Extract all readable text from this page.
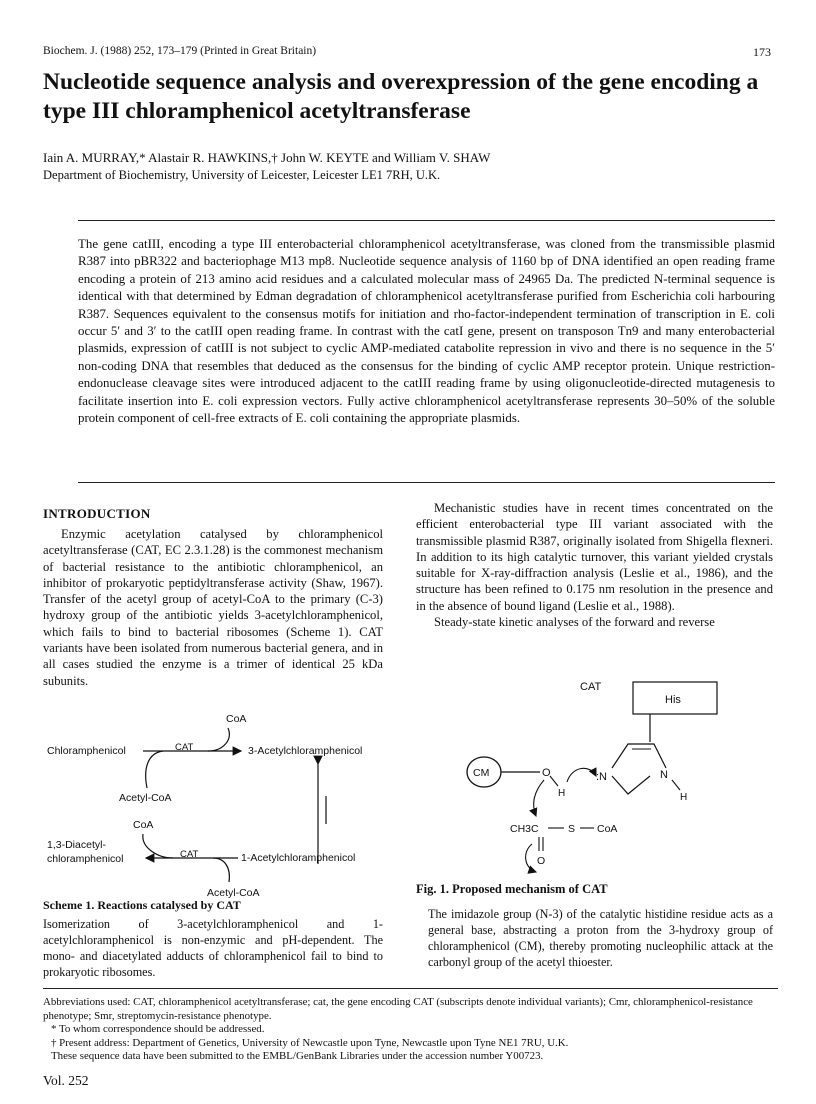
Biochem. J. (1988) 252, 173–179 (Printed in Great Britain)	173
Nucleotide sequence analysis and overexpression of the gene encoding a type III chloramphenicol acetyltransferase
Iain A. MURRAY,* Alastair R. HAWKINS,† John W. KEYTE and William V. SHAW
Department of Biochemistry, University of Leicester, Leicester LE1 7RH, U.K.

The gene catIII, encoding a type III enterobacterial chloramphenicol acetyltransferase, was cloned from the transmissible plasmid R387 into pBR322 and bacteriophage M13 mp8. Nucleotide sequence analysis of 1160 bp of DNA identified an open reading frame encoding a protein of 213 amino acid residues and a calculated molecular mass of 24965 Da. The predicted N-terminal sequence is identical with that determined by Edman degradation of chloramphenicol acetyltransferase purified from Escherichia coli harbouring R387. Sequences equivalent to the consensus motifs for initiation and rho-factor-independent termination of transcription in E. coli occur 5′ and 3′ to the catIII open reading frame. In contrast with the catI gene, present on transposon Tn9 and many enterobacterial plasmids, expression of catIII is not subject to cyclic AMP-mediated catabolite repression in vivo and there is no sequence in the 5′ non-coding DNA that resembles that deduced as the consensus for the binding of cyclic AMP receptor protein. Unique restriction-endonuclease cleavage sites were introduced adjacent to the catIII reading frame by using oligonucleotide-directed mutagenesis to facilitate insertion into E. coli expression vectors. Fully active chloramphenicol acetyltransferase represents 30–50% of the soluble protein component of cell-free extracts of E. coli containing the appropriate plasmids.

INTRODUCTION

Enzymic acetylation catalysed by chloramphenicol acetyltransferase (CAT, EC 2.3.1.28) is the commonest mechanism of bacterial resistance to the antibiotic chloramphenicol, an inhibitor of prokaryotic peptidyltransferase activity (Shaw, 1967). Transfer of the acetyl group of acetyl-CoA to the primary (C-3) hydroxy group of the antibiotic yields 3-acetylchloramphenicol, which fails to bind to bacterial ribosomes (Scheme 1). CAT variants have been isolated from numerous bacterial genera, and in all cases studied the enzyme is a trimer of identical 25 kDa subunits.

Mechanistic studies have in recent times concentrated on the efficient enterobacterial type III variant associated with the transmissible plasmid R387, originally isolated from Shigella flexneri. In addition to its high catalytic turnover, this variant yielded crystals suitable for X-ray-diffraction analysis (Leslie et al., 1986), and the structure has been refined to 0.175 nm resolution in the presence and in the absence of bound ligand (Leslie et al., 1988).

Steady-state kinetic analyses of the forward and reverse

CoA
Chloramphenicol	CAT	3-Acetylchloramphenicol
Acetyl-CoA
CoA
1,3-Diacetyl-
chloramphenicol	CAT	1-Acetylchloramphenicol
Acetyl-CoA
Scheme 1. Reactions catalysed by CAT
Isomerization of 3-acetylchloramphenicol and 1-acetylchloramphenicol is non-enzymic and pH-dependent. The mono- and diacetylated adducts of chloramphenicol fail to bind to prokaryotic ribosomes.
CAT
His
CM	O
H
:N	N
H
CH3C	S CoA
O
Fig. 1. Proposed mechanism of CAT
The imidazole group (N-3) of the catalytic histidine residue acts as a general base, abstracting a proton from the 3-hydroxy group of chloramphenicol (CM), thereby promoting nucleophilic attack at the carbonyl group of the acetyl thioester.
Abbreviations used: CAT, chloramphenicol acetyltransferase; cat, the gene encoding CAT (subscripts denote individual variants); Cmr, chloramphenicol-resistance phenotype; Smr, streptomycin-resistance phenotype.
* To whom correspondence should be addressed.
† Present address: Department of Genetics, University of Newcastle upon Tyne, Newcastle upon Tyne NE1 7RU, U.K.
These sequence data have been submitted to the EMBL/GenBank Libraries under the accession number Y00723.
Vol. 252
